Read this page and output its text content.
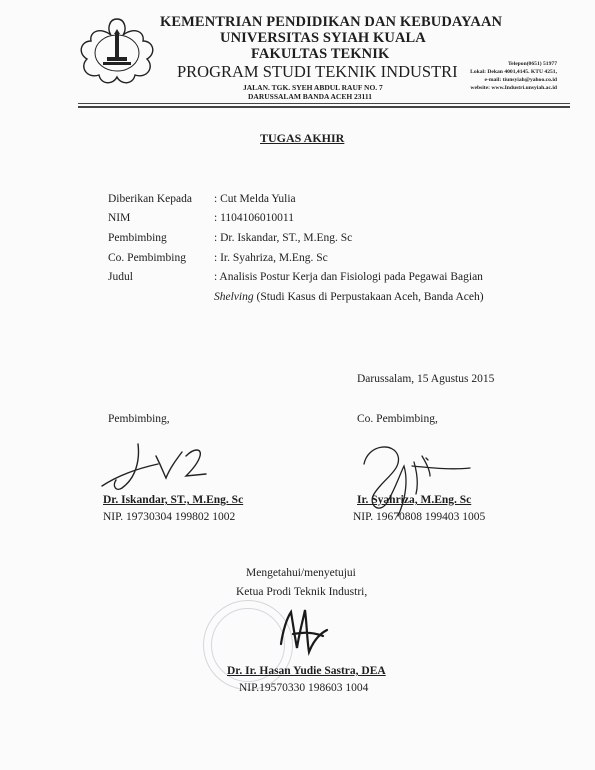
KEMENTRIAN PENDIDIKAN DAN KEBUDAYAAN
UNIVERSITAS SYIAH KUALA
FAKULTAS TEKNIK
PROGRAM STUDI TEKNIK INDUSTRI
JALAN. TGK. SYEH ABDUL RAUF NO. 7
DARUSSALAM BANDA ACEH 23111
Telepon(0651) 51977
Lokal: Dekan 4001,4145. KTU 4251,
e-mail: tiunsyiah@yahoo.co.id
website: www.Industri.unsyiah.ac.id
TUGAS AKHIR
Diberikan Kepada : Cut Melda Yulia
NIM	: 1104106010011
Pembimbing	: Dr. Iskandar, ST., M.Eng. Sc
Co. Pembimbing : Ir. Syahriza, M.Eng. Sc
Judul	: Analisis Postur Kerja dan Fisiologi pada Pegawai Bagian
Shelving (Studi Kasus di Perpustakaan Aceh, Banda Aceh)
Darussalam, 15 Agustus 2015
Pembimbing,	Co. Pembimbing,
Dr. Iskandar, ST., M.Eng. Sc
NIP. 19730304 199802 1002
Ir. Syahriza, M.Eng. Sc
NIP. 19670808 199403 1005
Mengetahui/menyetujui
Ketua Prodi Teknik Industri,
Dr. Ir. Hasan Yudie Sastra, DEA
NIP.19570330 198603 1004
